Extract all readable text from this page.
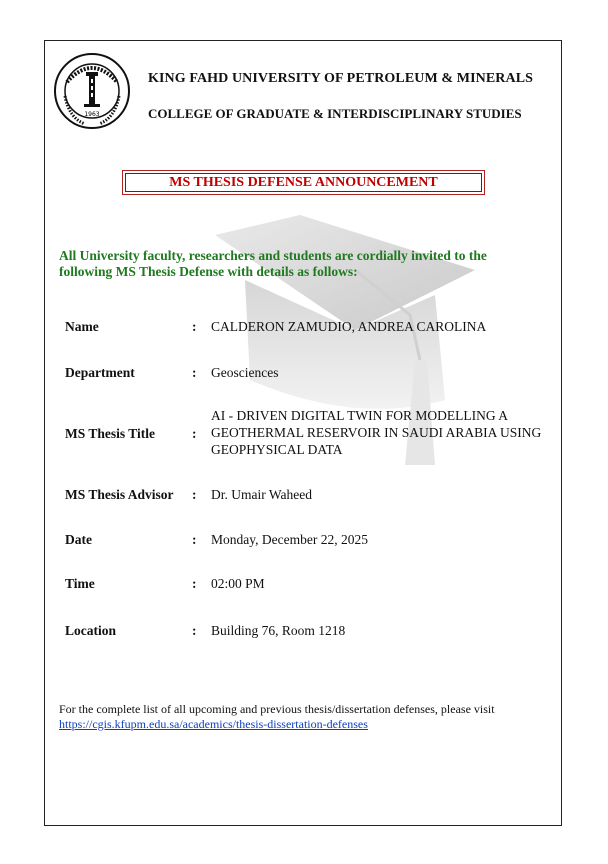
1963
KING FAHD UNIVERSITY OF PETROLEUM & MINERALS
COLLEGE OF GRADUATE & INTERDISCIPLINARY STUDIES
MS THESIS DEFENSE ANNOUNCEMENT
All University faculty, researchers and students are cordially invited to the following MS Thesis Defense with details as follows:
Name	: CALDERON ZAMUDIO, ANDREA CAROLINA
Department	: Geosciences
MS Thesis Title	:
AI - DRIVEN DIGITAL TWIN FOR MODELLING A GEOTHERMAL RESERVOIR IN SAUDI ARABIA USING GEOPHYSICAL DATA
MS Thesis Advisor : Dr. Umair Waheed
Date	: Monday, December 22, 2025
Time	: 02:00 PM
Location	: Building 76, Room 1218
For the complete list of all upcoming and previous thesis/dissertation defenses, please visit
https://cgis.kfupm.edu.sa/academics/thesis-dissertation-defenses
